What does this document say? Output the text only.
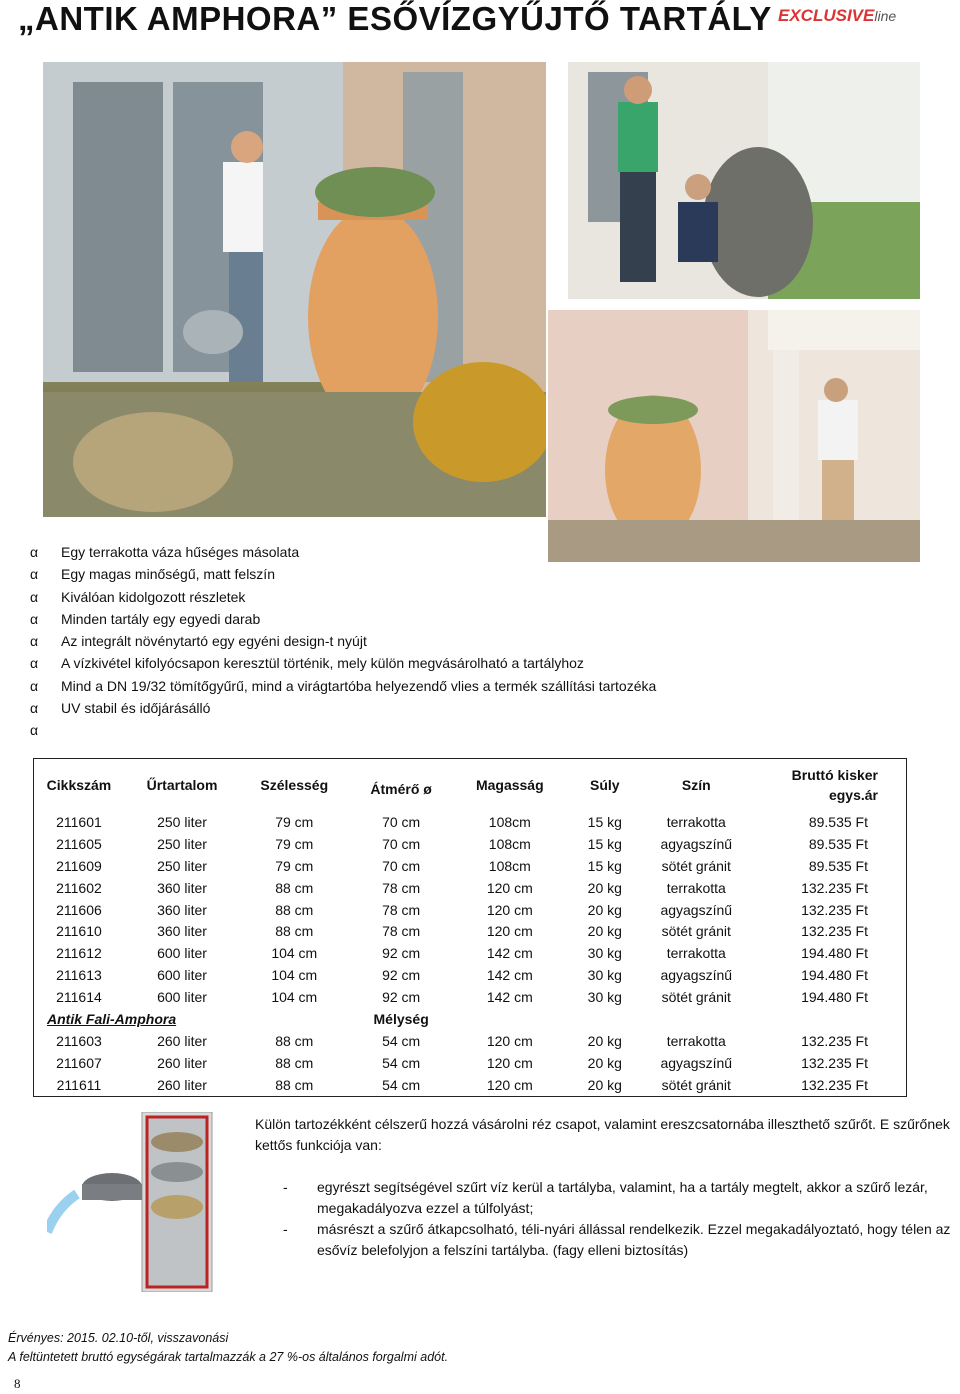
„ANTIK AMPHORA” ESŐVÍZGYŰJTŐ TARTÁLY EXCLUSIVEline
α	Egy terrakotta váza hűséges másolata
α	Egy magas minőségű, matt felszín
α	Kiválóan kidolgozott részletek
α	Minden tartály egy egyedi darab
α	Az integrált növénytartó egy egyéni design-t nyújt
α	A vízkivétel kifolyócsapon keresztül történik, mely külön megvásárolható a tartályhoz
α	Mind a DN 19/32 tömítőgyűrű, mind a virágtartóba helyezendő vlies a termék szállítási tartozéka
α	UV stabil és időjárásálló
α
Cikkszám	Űrtartalom	Szélesség	Átmérő ø	Magasság	Súly	Szín	Bruttó kisker egys.ár
211601	250 liter	79 cm	70 cm	108cm	15 kg	terrakotta	89.535 Ft
211605	250 liter	79 cm	70 cm	108cm	15 kg	agyagszínű	89.535 Ft
211609	250 liter	79 cm	70 cm	108cm	15 kg	sötét gránit	89.535 Ft
211602	360 liter	88 cm	78 cm	120 cm	20 kg	terrakotta	132.235 Ft
211606	360 liter	88 cm	78 cm	120 cm	20 kg	agyagszínű	132.235 Ft
211610	360 liter	88 cm	78 cm	120 cm	20 kg	sötét gránit	132.235 Ft
211612	600 liter	104 cm	92 cm	142 cm	30 kg	terrakotta	194.480 Ft
211613	600 liter	104 cm	92 cm	142 cm	30 kg	agyagszínű	194.480 Ft
211614	600 liter	104 cm	92 cm	142 cm	30 kg	sötét gránit	194.480 Ft
Antik Fali-Amphora			Mélység				
211603	260 liter	88 cm	54 cm	120 cm	20 kg	terrakotta	132.235 Ft
211607	260 liter	88 cm	54 cm	120 cm	20 kg	agyagszínű	132.235 Ft
211611	260 liter	88 cm	54 cm	120 cm	20 kg	sötét gránit	132.235 Ft
Külön tartozékként célszerű hozzá vásárolni réz csapot, valamint ereszcsatornába illeszthető szűrőt. E szűrőnek kettős funkciója van:
-	egyrészt segítségével szűrt víz kerül a tartályba, valamint, ha a tartály megtelt, akkor a szűrő lezár, megakadályozva ezzel a túlfolyást;
-	másrészt a szűrő átkapcsolható, téli-nyári állással rendelkezik. Ezzel megakadályoztató, hogy télen az esővíz belefolyjon a felszíni tartályba. (fagy elleni biztosítás)
Érvényes: 2015. 02.10-től, visszavonási
A feltüntetett bruttó egységárak tartalmazzák a 27 %-os általános forgalmi adót.
8
